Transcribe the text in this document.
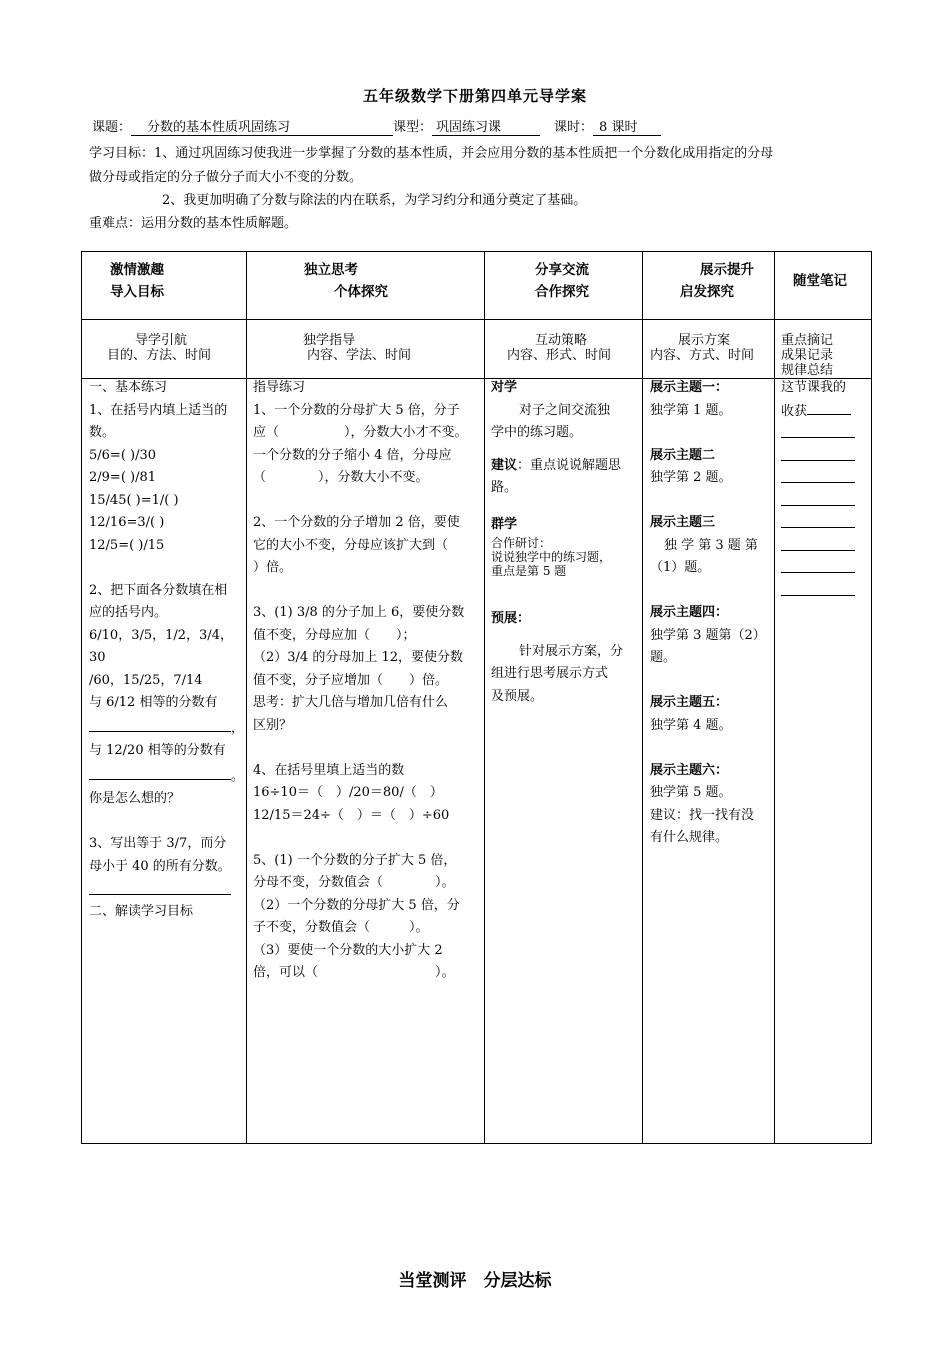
五年级数学下册第四单元导学案
课题： 分数的基本性质巩固练习	课型： 巩固练习课	课时： 8 课时
学习目标：1、通过巩固练习使我进一步掌握了分数的基本性质，并会应用分数的基本性质把一个分数化成用指定的分母
做分母或指定的分子做分子而大小不变的分数。
2、我更加明确了分数与除法的内在联系，为学习约分和通分奠定了基础。
重难点：运用分数的基本性质解题。
激情激趣
导入目标
独立思考
个体探究
分享交流
合作探究
展示提升
启发探究
随堂笔记
导学引航
目的、方法、时间
独学指导
内容、学法、时间
互动策略
内容、形式、时间
展示方案
内容、方式、时间
重点摘记
成果记录
规律总结
一、基本练习
1、在括号内填上适当的
数。
5/6=( )/30
2/9=( )/81
15/45( )=1/( )
12/16=3/( )
12/5=( )/15
2、把下面各分数填在相
应的括号内。
6/10，3/5，1/2，3/4，30
/60，15/25，7/14
与 6/12 相等的分数有
，
与 12/20 相等的分数有
。
你是怎么想的？
3、写出等于 3/7，而分
母小于 40 的所有分数。
二、解读学习目标
指导练习
1、一个分数的分母扩大 5 倍，分子
应（　　　　　），分数大小才不变。
一个分数的分子缩小 4 倍，分母应
（　　　　），分数大小不变。
2、一个分数的分子增加 2 倍，要使
它的大小不变，分母应该扩大到（
）倍。
3、(1) 3/8 的分子加上 6，要使分数
值不变，分母应加（　　）；
（2）3/4 的分母加上 12，要使分数
值不变，分子应增加（　　）倍。
思考：扩大几倍与增加几倍有什么
区别？
4、在括号里填上适当的数
16÷10＝（　）/20＝80/（　）
12/15＝24÷（　）＝（　）÷60
5、(1) 一个分数的分子扩大 5 倍，
分母不变，分数值会（　　　　）。
（2）一个分数的分母扩大 5 倍，分
子不变，分数值会（　　　）。
（3）要使一个分数的大小扩大 2
倍，可以（　　　　　　　　　）。
对学
对子之间交流独
学中的练习题。
建议：重点说说解题思
路。
群学
合作研讨：
说说独学中的练习题，
重点是第 5 题
预展：
针对展示方案，分
组进行思考展示方式
及预展。
展示主题一：
独学第 1 题。
展示主题二
独学第 2 题。
展示主题三
独 学 第 3 题 第
（1）题。
展示主题四：
独学第 3 题第（2）
题。
展示主题五：
独学第 4 题。
展示主题六：
独学第 5 题。
建议：找一找有没
有什么规律。
这节课我的
收获
当堂测评　分层达标
